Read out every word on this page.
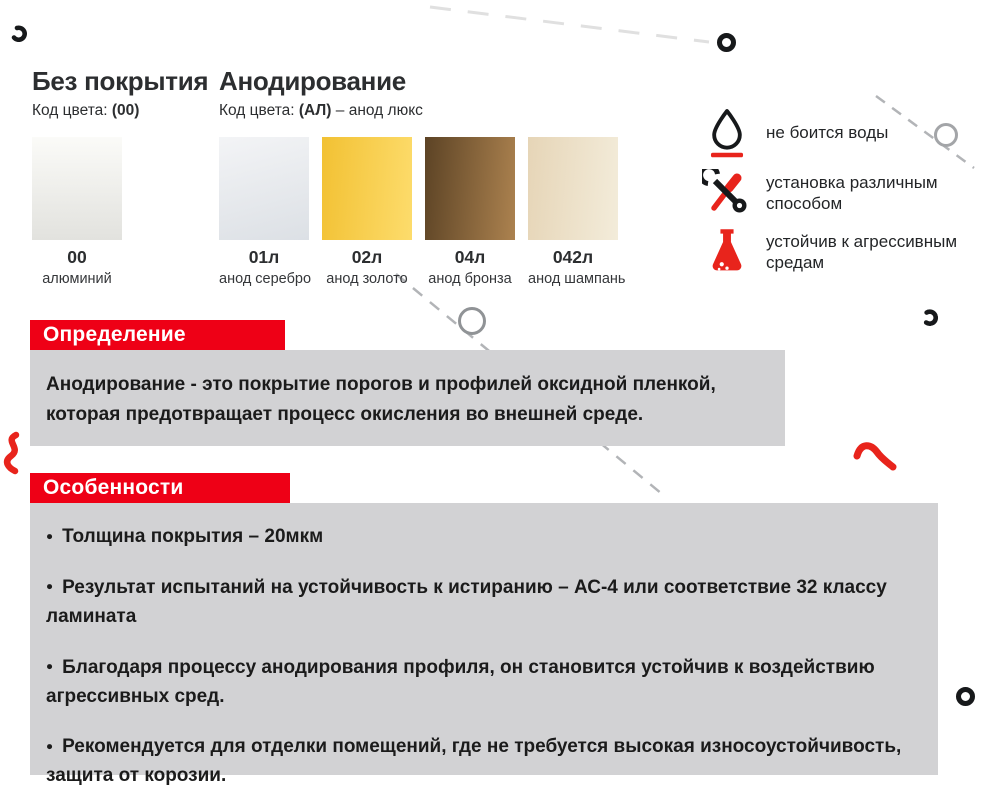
Без покрытия
Код цвета: (00)
Анодирование
Код цвета: (АЛ) – анод люкс
00
алюминий
01л
анод серебро
02л
анод золото
04л
анод бронза
042л
анод шампань
не боится воды
установка различным способом
устойчив к агрессивным средам
Определение
Анодирование - это покрытие порогов и профилей оксидной пленкой, которая предотвращает процесс окисления во внешней среде.
Особенности
● Толщина покрытия – 20мкм
● Результат испытаний на устойчивость к истиранию – АС-4 или соответствие 32 классу ламината
● Благодаря процессу анодирования профиля, он становится устойчив к воздействию агрессивных сред.
● Рекомендуется для отделки помещений, где не требуется высокая износоустойчивость, защита от корозии.
